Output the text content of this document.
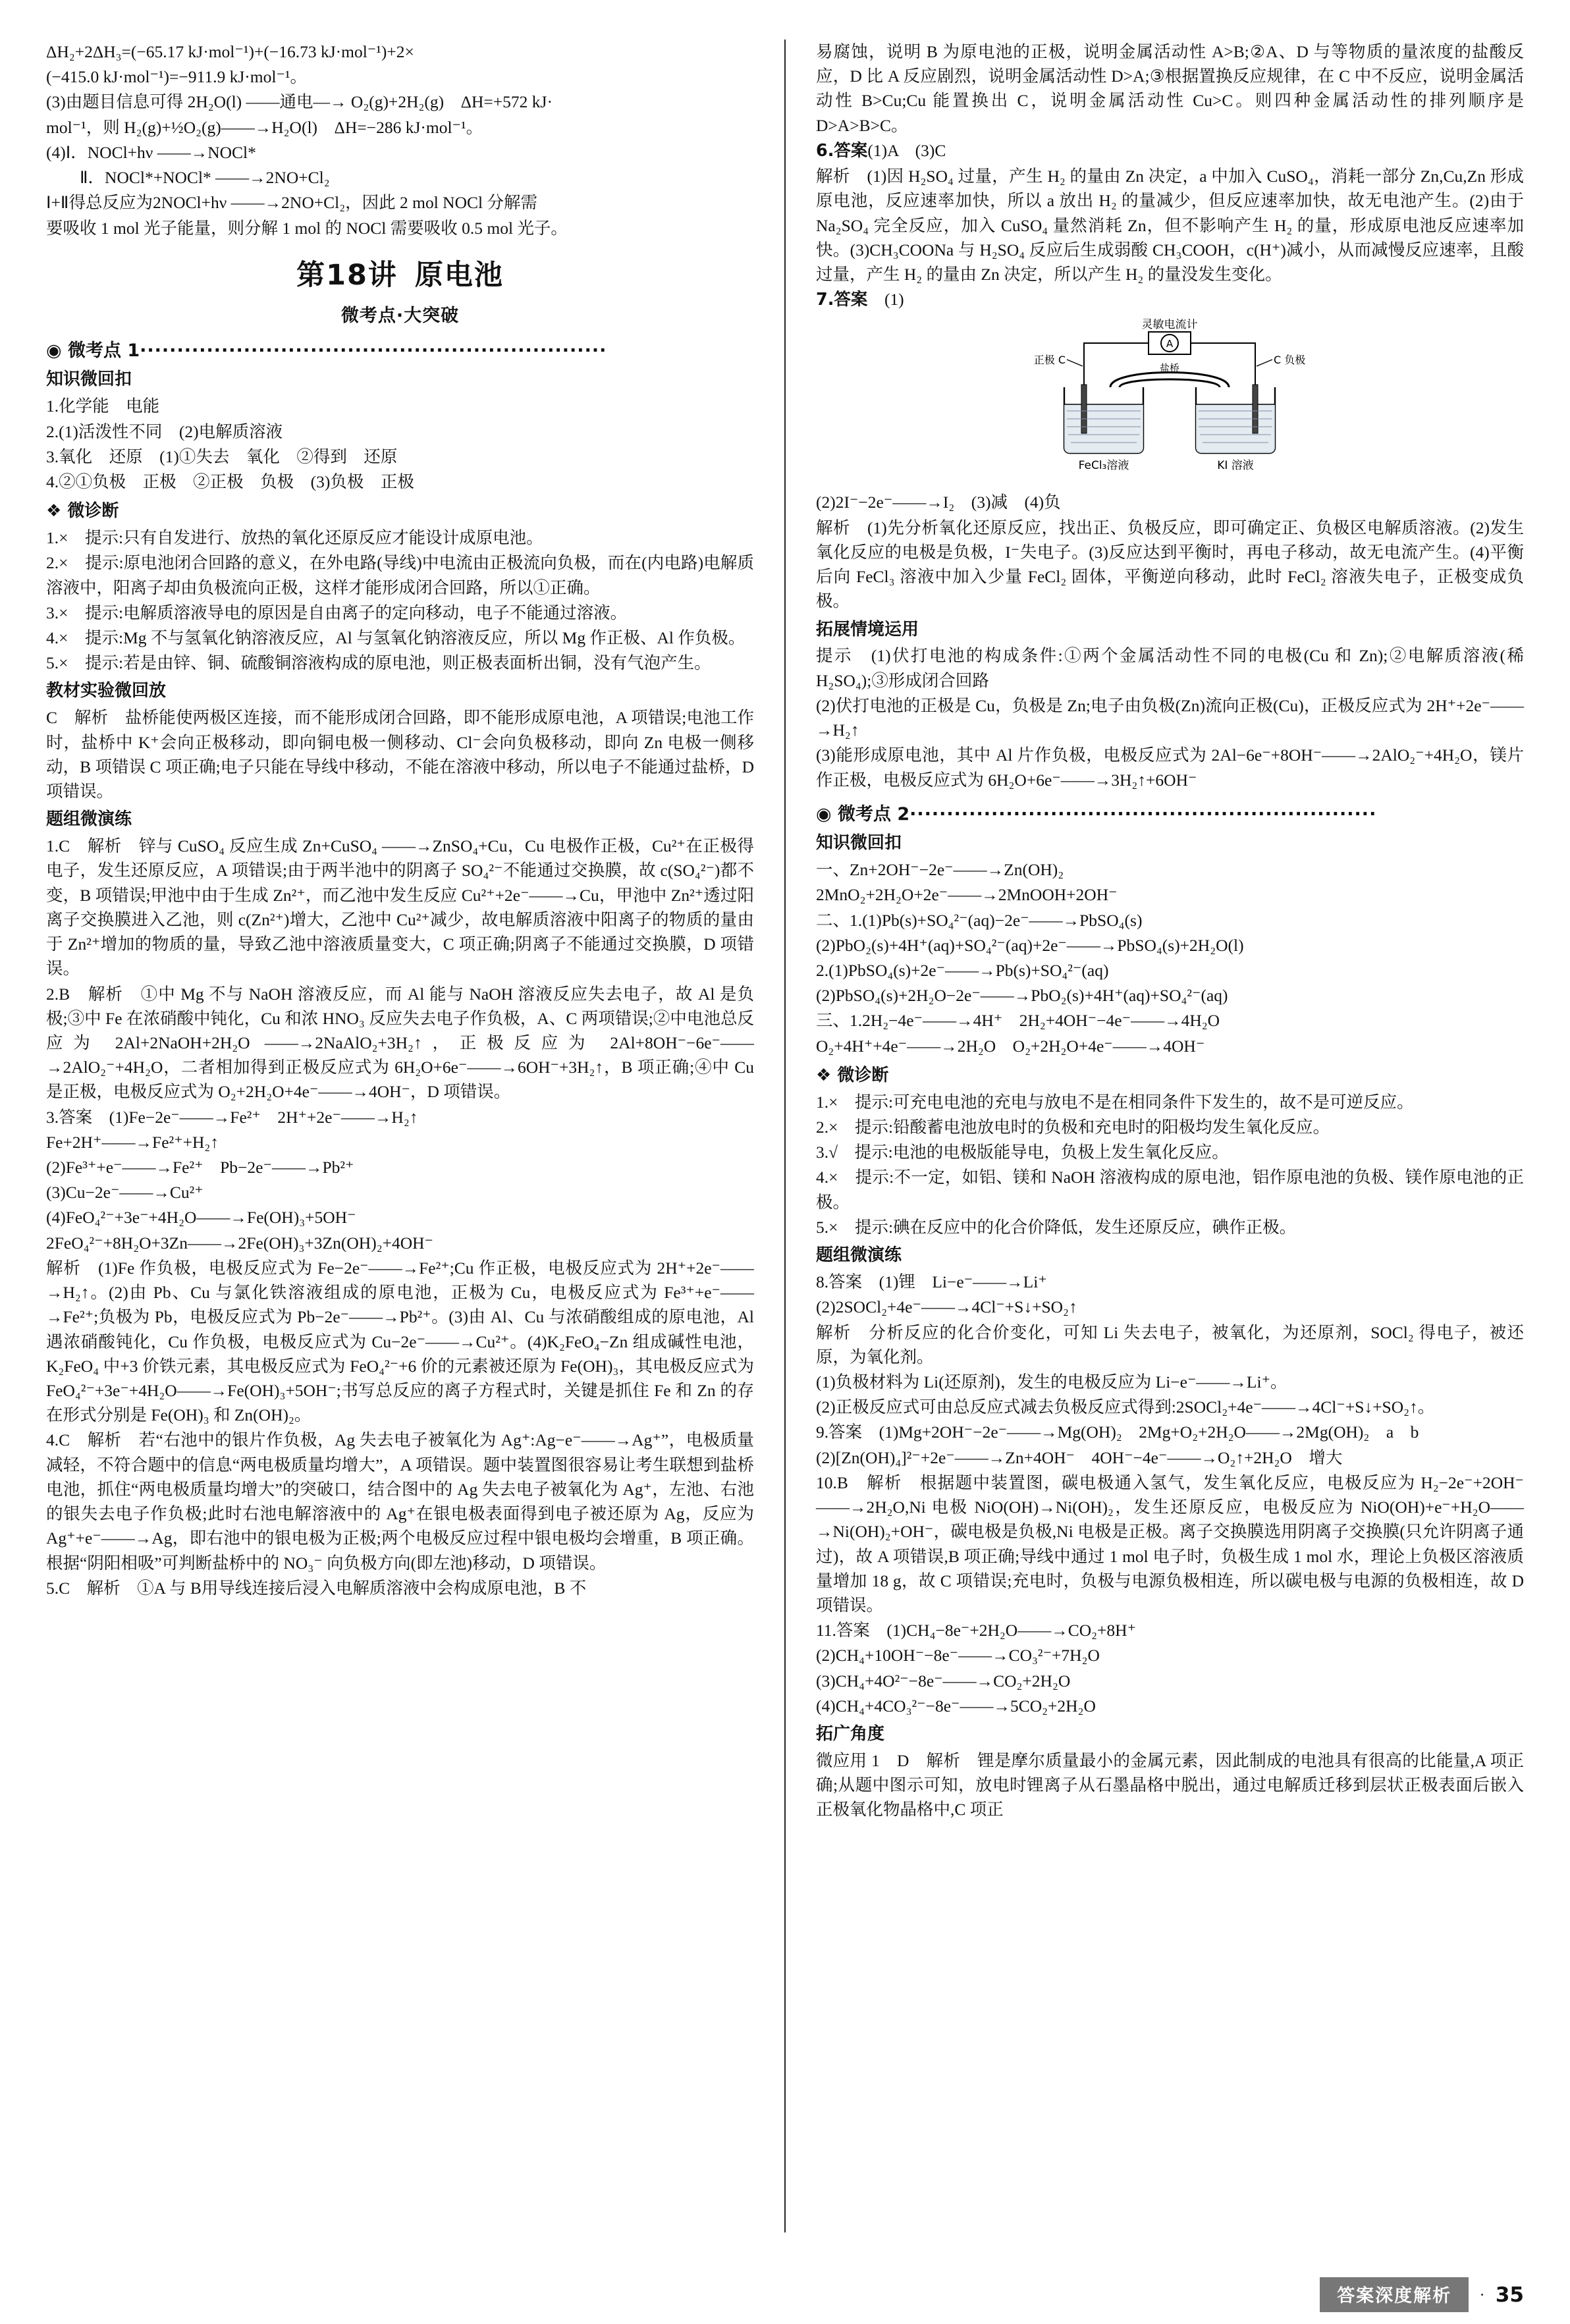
ΔH₂+2ΔH₃=(−65.17 kJ·mol⁻¹)+(−16.73 kJ·mol⁻¹)+2×

(−415.0 kJ·mol⁻¹)=−911.9 kJ·mol⁻¹。

(3)由题目信息可得 2H₂O(l) ——通电—→ O₂(g)+2H₂(g)　ΔH=+572 kJ·

mol⁻¹，则 H₂(g)+½O₂(g)——→H₂O(l)　ΔH=−286 kJ·mol⁻¹。

(4)Ⅰ．NOCl+hν ——→NOCl*

　　Ⅱ．NOCl*+NOCl* ——→2NO+Cl₂

Ⅰ+Ⅱ得总反应为2NOCl+hν ——→2NO+Cl₂，因此 2 mol NOCl 分解需

要吸收 1 mol 光子能量，则分解 1 mol 的 NOCl 需要吸收 0.5 mol 光子。

第18讲 原电池
微考点·大突破
◉ 微考点 1·······························································
知识微回扣

1.化学能　电能

2.(1)活泼性不同　(2)电解质溶液

3.氧化　还原　(1)①失去　氧化　②得到　还原

4.②①负极　正极　②正极　负极　(3)负极　正极

❖ 微诊断

1.×　提示:只有自发进行、放热的氧化还原反应才能设计成原电池。

2.×　提示:原电池闭合回路的意义，在外电路(导线)中电流由正极流向负极，而在(内电路)电解质溶液中，阳离子却由负极流向正极，这样才能形成闭合回路，所以①正确。

3.×　提示:电解质溶液导电的原因是自由离子的定向移动，电子不能通过溶液。

4.×　提示:Mg 不与氢氧化钠溶液反应，Al 与氢氧化钠溶液反应，所以 Mg 作正极、Al 作负极。

5.×　提示:若是由锌、铜、硫酸铜溶液构成的原电池，则正极表面析出铜，没有气泡产生。

教材实验微回放

C　解析　盐桥能使两极区连接，而不能形成闭合回路，即不能形成原电池，A 项错误;电池工作时，盐桥中 K⁺会向正极移动，即向铜电极一侧移动、Cl⁻会向负极移动，即向 Zn 电极一侧移动，B 项错误 C 项正确;电子只能在导线中移动，不能在溶液中移动，所以电子不能通过盐桥，D 项错误。

题组微演练

1.C　解析　锌与 CuSO₄ 反应生成 Zn+CuSO₄ ——→ZnSO₄+Cu，Cu 电极作正极，Cu²⁺在正极得电子，发生还原反应，A 项错误;由于两半池中的阴离子 SO₄²⁻不能通过交换膜，故 c(SO₄²⁻)都不变，B 项错误;甲池中由于生成 Zn²⁺，而乙池中发生反应 Cu²⁺+2e⁻——→Cu，甲池中 Zn²⁺透过阳离子交换膜进入乙池，则 c(Zn²⁺)增大，乙池中 Cu²⁺减少，故电解质溶液中阳离子的物质的量由于 Zn²⁺增加的物质的量，导致乙池中溶液质量变大，C 项正确;阴离子不能通过交换膜，D 项错误。

2.B　解析　①中 Mg 不与 NaOH 溶液反应，而 Al 能与 NaOH 溶液反应失去电子，故 Al 是负极;③中 Fe 在浓硝酸中钝化，Cu 和浓 HNO₃ 反应失去电子作负极，A、C 两项错误;②中电池总反应为 2Al+2NaOH+2H₂O ——→2NaAlO₂+3H₂↑，正极反应为 2Al+8OH⁻−6e⁻——→2AlO₂⁻+4H₂O，二者相加得到正极反应式为 6H₂O+6e⁻——→6OH⁻+3H₂↑，B 项正确;④中 Cu 是正极，电极反应式为 O₂+2H₂O+4e⁻——→4OH⁻，D 项错误。

3.答案　(1)Fe−2e⁻——→Fe²⁺　2H⁺+2e⁻——→H₂↑

Fe+2H⁺——→Fe²⁺+H₂↑

(2)Fe³⁺+e⁻——→Fe²⁺　Pb−2e⁻——→Pb²⁺

(3)Cu−2e⁻——→Cu²⁺

(4)FeO₄²⁻+3e⁻+4H₂O——→Fe(OH)₃+5OH⁻

2FeO₄²⁻+8H₂O+3Zn——→2Fe(OH)₃+3Zn(OH)₂+4OH⁻

解析　(1)Fe 作负极，电极反应式为 Fe−2e⁻——→Fe²⁺;Cu 作正极，电极反应式为 2H⁺+2e⁻——→H₂↑。(2)由 Pb、Cu 与氯化铁溶液组成的原电池，正极为 Cu，电极反应式为 Fe³⁺+e⁻——→Fe²⁺;负极为 Pb，电极反应式为 Pb−2e⁻——→Pb²⁺。(3)由 Al、Cu 与浓硝酸组成的原电池，Al 遇浓硝酸钝化，Cu 作负极，电极反应式为 Cu−2e⁻——→Cu²⁺。(4)K₂FeO₄−Zn 组成碱性电池，K₂FeO₄ 中+3 价铁元素，其电极反应式为 FeO₄²⁻+6 价的元素被还原为 Fe(OH)₃，其电极反应式为 FeO₄²⁻+3e⁻+4H₂O——→Fe(OH)₃+5OH⁻;书写总反应的离子方程式时，关键是抓住 Fe 和 Zn 的存在形式分别是 Fe(OH)₃ 和 Zn(OH)₂。

4.C　解析　若“右池中的银片作负极，Ag 失去电子被氧化为 Ag⁺:Ag−e⁻——→Ag⁺”，电极质量减轻，不符合题中的信息“两电极质量均增大”，A 项错误。题中装置图很容易让考生联想到盐桥电池，抓住“两电极质量均增大”的突破口，结合图中的 Ag 失去电子被氧化为 Ag⁺，左池、右池的银失去电子作负极;此时右池电解溶液中的 Ag⁺在银电极表面得到电子被还原为 Ag，反应为 Ag⁺+e⁻——→Ag，即右池中的银电极为正极;两个电极反应过程中银电极均会增重，B 项正确。根据“阴阳相吸”可判断盐桥中的 NO₃⁻ 向负极方向(即左池)移动，D 项错误。

5.C　解析　①A 与 B用导线连接后浸入电解质溶液中会构成原电池，B 不

易腐蚀，说明 B 为原电池的正极，说明金属活动性 A>B;②A、D 与等物质的量浓度的盐酸反应，D 比 A 反应剧烈，说明金属活动性 D>A;③根据置换反应规律，在 C 中不反应，说明金属活动性 B>Cu;Cu 能置换出 C，说明金属活动性 Cu>C。则四种金属活动性的排列顺序是 D>A>B>C。

6.答案(1)A　(3)C

解析　(1)因 H₂SO₄ 过量，产生 H₂ 的量由 Zn 决定，a 中加入 CuSO₄，消耗一部分 Zn,Cu,Zn 形成原电池，反应速率加快，所以 a 放出 H₂ 的量减少，但反应速率加快，故无电池产生。(2)由于 Na₂SO₄ 完全反应，加入 CuSO₄ 量然消耗 Zn，但不影响产生 H₂ 的量，形成原电池反应速率加快。(3)CH₃COONa 与 H₂SO₄ 反应后生成弱酸 CH₃COOH，c(H⁺)减小，从而减慢反应速率，且酸过量，产生 H₂ 的量由 Zn 决定，所以产生 H₂ 的量没发生变化。

7.答案　 (1)

灵敏电流计
A
正极 C	C 负极
盐桥
FeCl₃溶液	KI 溶液

(2)2I⁻−2e⁻——→I₂　(3)减　(4)负

解析　(1)先分析氧化还原反应，找出正、负极反应，即可确定正、负极区电解质溶液。(2)发生氧化反应的电极是负极，I⁻失电子。(3)反应达到平衡时，再电子移动，故无电流产生。(4)平衡后向 FeCl₃ 溶液中加入少量 FeCl₂ 固体，平衡逆向移动，此时 FeCl₂ 溶液失电子，正极变成负极。

拓展情境运用

提示　(1)伏打电池的构成条件:①两个金属活动性不同的电极(Cu 和 Zn);②电解质溶液(稀 H₂SO₄);③形成闭合回路

(2)伏打电池的正极是 Cu，负极是 Zn;电子由负极(Zn)流向正极(Cu)，正极反应式为 2H⁺+2e⁻——→H₂↑

(3)能形成原电池，其中 Al 片作负极，电极反应式为 2Al−6e⁻+8OH⁻——→2AlO₂⁻+4H₂O，镁片作正极，电极反应式为 6H₂O+6e⁻——→3H₂↑+6OH⁻

◉ 微考点 2·······························································
知识微回扣

一、Zn+2OH⁻−2e⁻——→Zn(OH)₂

2MnO₂+2H₂O+2e⁻——→2MnOOH+2OH⁻

二、1.(1)Pb(s)+SO₄²⁻(aq)−2e⁻——→PbSO₄(s)

(2)PbO₂(s)+4H⁺(aq)+SO₄²⁻(aq)+2e⁻——→PbSO₄(s)+2H₂O(l)

2.(1)PbSO₄(s)+2e⁻——→Pb(s)+SO₄²⁻(aq)

(2)PbSO₄(s)+2H₂O−2e⁻——→PbO₂(s)+4H⁺(aq)+SO₄²⁻(aq)

三、1.2H₂−4e⁻——→4H⁺　2H₂+4OH⁻−4e⁻——→4H₂O

O₂+4H⁺+4e⁻——→2H₂O　O₂+2H₂O+4e⁻——→4OH⁻

❖ 微诊断

1.×　提示:可充电电池的充电与放电不是在相同条件下发生的，故不是可逆反应。

2.×　提示:铅酸蓄电池放电时的负极和充电时的阳极均发生氧化反应。

3.√　提示:电池的电极版能导电，负极上发生氧化反应。

4.×　提示:不一定，如铝、镁和 NaOH 溶液构成的原电池，铝作原电池的负极、镁作原电池的正极。

5.×　提示:碘在反应中的化合价降低，发生还原反应，碘作正极。

题组微演练

8.答案　(1)锂　Li−e⁻——→Li⁺

(2)2SOCl₂+4e⁻——→4Cl⁻+S↓+SO₂↑

解析　分析反应的化合价变化，可知 Li 失去电子，被氧化，为还原剂，SOCl₂ 得电子，被还原，为氧化剂。

(1)负极材料为 Li(还原剂)，发生的电极反应为 Li−e⁻——→Li⁺。

(2)正极反应式可由总反应式减去负极反应式得到:2SOCl₂+4e⁻——→4Cl⁻+S↓+SO₂↑。

9.答案　(1)Mg+2OH⁻−2e⁻——→Mg(OH)₂　2Mg+O₂+2H₂O——→2Mg(OH)₂　a　b

(2)[Zn(OH)₄]²⁻+2e⁻——→Zn+4OH⁻　4OH⁻−4e⁻——→O₂↑+2H₂O　增大

10.B　解析　根据题中装置图，碳电极通入氢气，发生氧化反应，电极反应为 H₂−2e⁻+2OH⁻——→2H₂O,Ni 电极 NiO(OH)→Ni(OH)₂，发生还原反应，电极反应为 NiO(OH)+e⁻+H₂O——→Ni(OH)₂+OH⁻，碳电极是负极,Ni 电极是正极。离子交换膜选用阴离子交换膜(只允许阴离子通过)，故 A 项错误,B 项正确;导线中通过 1 mol 电子时，负极生成 1 mol 水，理论上负极区溶液质量增加 18 g，故 C 项错误;充电时，负极与电源负极相连，所以碳电极与电源的负极相连，故 D 项错误。

11.答案　(1)CH₄−8e⁻+2H₂O——→CO₂+8H⁺

(2)CH₄+10OH⁻−8e⁻——→CO₃²⁻+7H₂O

(3)CH₄+4O²⁻−8e⁻——→CO₂+2H₂O

(4)CH₄+4CO₃²⁻−8e⁻——→5CO₂+2H₂O

拓广角度

微应用 1　D　解析　锂是摩尔质量最小的金属元素，因此制成的电池具有很高的比能量,A 项正确;从题中图示可知，放电时锂离子从石墨晶格中脱出，通过电解质迁移到层状正极表面后嵌入正极氧化物晶格中,C 项正

答案深度解析	· 35
